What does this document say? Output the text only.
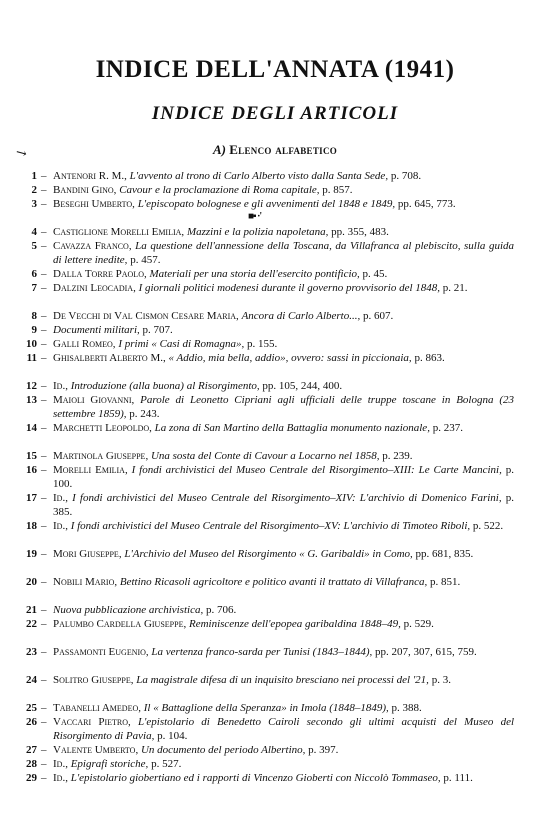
INDICE DELL'ANNATA (1941)
INDICE DEGLI ARTICOLI
A) Elenco alfabetico
↘
■▪ ·'
1 – Antenori R. M., L'avvento al trono di Carlo Alberto visto dalla Santa Sede, p. 708.
2 – Bandini Gino, Cavour e la proclamazione di Roma capitale, p. 857.
3 – Beseghi Umberto, L'episcopato bolognese e gli avvenimenti del 1848 e 1849, pp. 645, 773.
4 – Castiglione Morelli Emilia, Mazzini e la polizia napoletana, pp. 355, 483.
5 – Cavazza Franco, La questione dell'annessione della Toscana, da Villafranca al plebiscito, sulla guida di lettere inedite, p. 457.
6 – Dalla Torre Paolo, Materiali per una storia dell'esercito pontificio, p. 45.
7 – Dalzini Leocadia, I giornali politici modenesi durante il governo provvisorio del 1848, p. 21.
8 – De Vecchi di Val Cismon Cesare Maria, Ancora di Carlo Alberto..., p. 607.
9 – Documenti militari, p. 707.
10 – Galli Romeo, I primi « Casi di Romagna», p. 155.
11 – Ghisalberti Alberto M., « Addio, mia bella, addio», ovvero: sassi in piccionaia, p. 863.
12 – Id., Introduzione (alla buona) al Risorgimento, pp. 105, 244, 400.
13 – Maioli Giovanni, Parole di Leonetto Cipriani agli ufficiali delle truppe toscane in Bologna (23 settembre 1859), p. 243.
14 – Marchetti Leopoldo, La zona di San Martino della Battaglia monumento nazionale, p. 237.
15 – Martinola Giuseppe, Una sosta del Conte di Cavour a Locarno nel 1858, p. 239.
16 – Morelli Emilia, I fondi archivistici del Museo Centrale del Risorgimento–XIII: Le Carte Mancini, p. 100.
17 – Id., I fondi archivistici del Museo Centrale del Risorgimento–XIV: L'archivio di Domenico Farini, p. 385.
18 – Id., I fondi archivistici del Museo Centrale del Risorgimento–XV: L'archivio di Timoteo Riboli, p. 522.
19 – Mori Giuseppe, L'Archivio del Museo del Risorgimento « G. Garibaldi» in Como, pp. 681, 835.
20 – Nobili Mario, Bettino Ricasoli agricoltore e politico avanti il trattato di Villafranca, p. 851.
21 – Nuova pubblicazione archivistica, p. 706.
22 – Palumbo Cardella Giuseppe, Reminiscenze dell'epopea garibaldina 1848–49, p. 529.
23 – Passamonti Eugenio, La vertenza franco-sarda per Tunisi (1843–1844), pp. 207, 307, 615, 759.
24 – Solitro Giuseppe, La magistrale difesa di un inquisito bresciano nei processi del '21, p. 3.
25 – Tabanelli Amedeo, Il « Battaglione della Speranza» in Imola (1848–1849), p. 388.
26 – Vaccari Pietro, L'epistolario di Benedetto Cairoli secondo gli ultimi acquisti del Museo del Risorgimento di Pavia, p. 104.
27 – Valente Umberto, Un documento del periodo Albertino, p. 397.
28 – Id., Epigrafi storiche, p. 527.
29 – Id., L'epistolario giobertiano ed i rapporti di Vincenzo Gioberti con Niccolò Tommaseo, p. 111.
